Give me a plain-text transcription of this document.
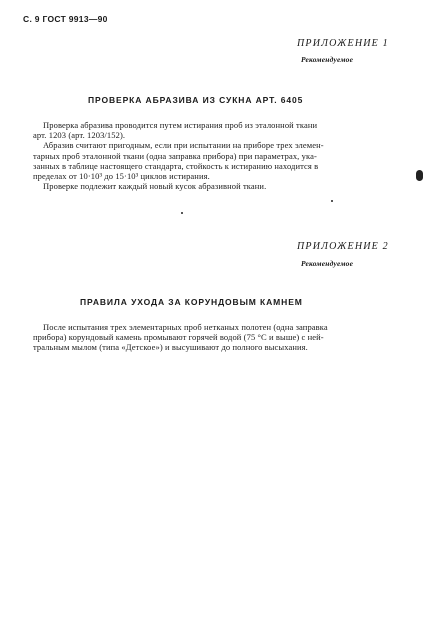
С. 9 ГОСТ 9913—90
ПРИЛОЖЕНИЕ 1
Рекомендуемое
ПРОВЕРКА АБРАЗИВА ИЗ СУКНА АРТ. 6405

Проверка абразива проводится путем истирания проб из эталонной ткани

арт. 1203 (арт. 1203/152).

Абразив считают пригодным, если при испытании на приборе трех элемен-

тарных проб эталонной ткани (одна заправка прибора) при параметрах, ука-

занных в таблице настоящего стандарта, стойкость к истиранию находится в

пределах от 10·10³ до 15·10³ циклов истирания.

Проверке подлежит каждый новый кусок абразивной ткани.

ПРИЛОЖЕНИЕ 2
Рекомендуемое
ПРАВИЛА УХОДА ЗА КОРУНДОВЫМ КАМНЕМ

После испытания трех элементарных проб нетканых полотен (одна заправка

прибора) корундовый камень промывают горячей водой (75 °С и выше) с ней-

тральным мылом (типа «Детское») и высушивают до полного высыхания.
